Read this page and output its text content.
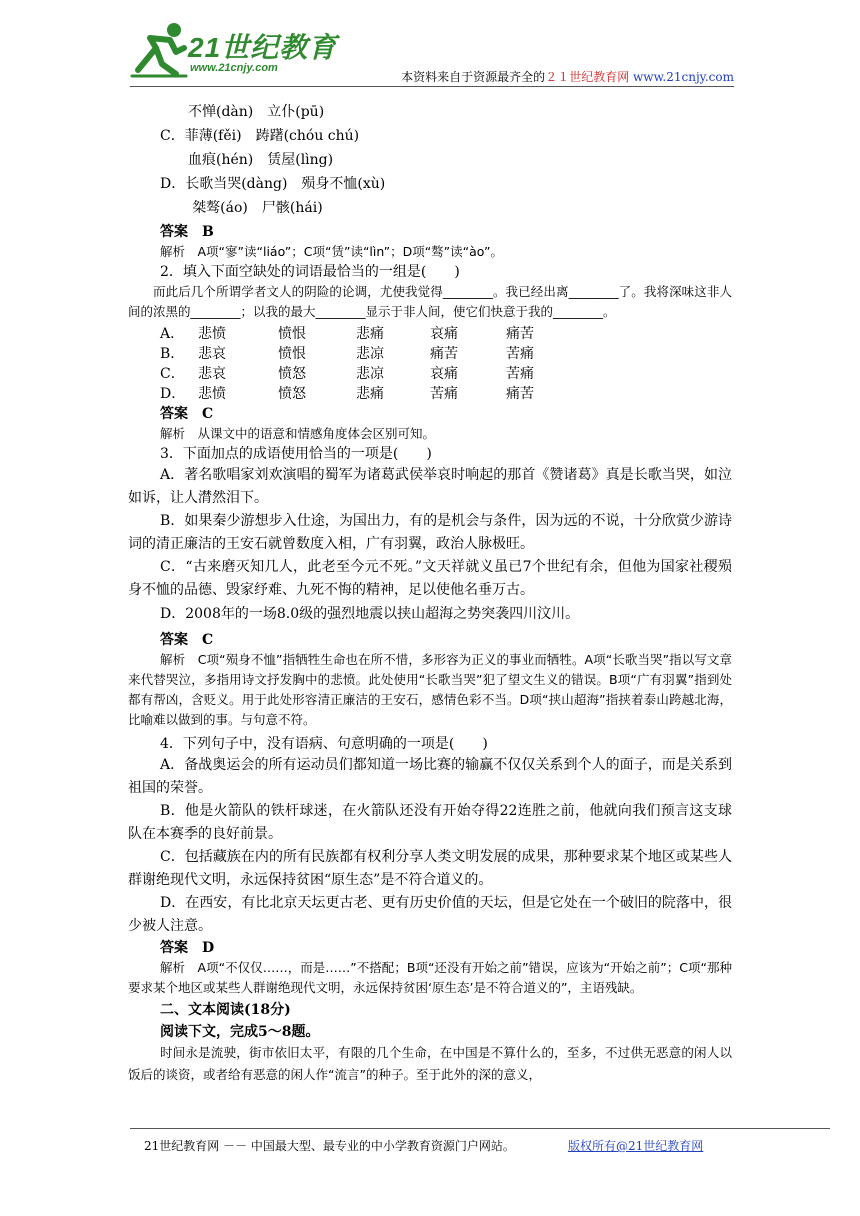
21世纪教育
www.21cnjy.com
本资料来自于资源最齐全的２１世纪教育网 www.21cnjy.com
不惮(dàn)　立仆(pū)
C．菲薄(fěi)　踌躇(chóu chú)
血痕(hén)　赁屋(lìng)
D．长歌当哭(dàng)　殒身不恤(xù)
桀骜(áo)　尸骸(hái)
答案　B
解析　A项“寥”读“liáo”；C项“赁”读“lìn”；D项“骜”读“ào”。
2．填入下面空缺处的词语最恰当的一组是(　　)
而此后几个所谓学者文人的阴险的论调，尤使我觉得________。我已经出离________了。我将深味这非人间的浓黑的________；以我的最大________显示于非人间，使它们快意于我的________。
A． 悲愤	愤恨	悲痛	哀痛	痛苦
B． 悲哀	愤恨	悲凉	痛苦	苦痛
C． 悲哀	愤怒	悲凉	哀痛	苦痛
D． 悲愤	愤怒	悲痛	苦痛	痛苦
答案　C
解析　从课文中的语意和情感角度体会区别可知。
3．下面加点的成语使用恰当的一项是(　　)
A．著名歌唱家刘欢演唱的蜀军为诸葛武侯举哀时响起的那首《赞诸葛》真是长歌当哭，如泣如诉，让人潸然泪下。
B．如果秦少游想步入仕途，为国出力，有的是机会与条件，因为远的不说，十分欣赏少游诗词的清正廉洁的王安石就曾数度入相，广有羽翼，政治人脉极旺。
C．“古来磨灭知几人，此老至今元不死。”文天祥就义虽已7个世纪有余，但他为国家社稷殒身不恤的品德、毁家纾难、九死不悔的精神，足以使他名垂万古。
D．2008年的一场8.0级的强烈地震以挟山超海之势突袭四川汶川。
答案　C
解析　C项“殒身不恤”指牺牲生命也在所不惜，多形容为正义的事业而牺牲。A项“长歌当哭”指以写文章来代替哭泣，多指用诗文抒发胸中的悲愤。此处使用“长歌当哭”犯了望文生义的错误。B项“广有羽翼”指到处都有帮凶，含贬义。用于此处形容清正廉洁的王安石，感情色彩不当。D项“挟山超海”指挟着泰山跨越北海，比喻难以做到的事。与句意不符。
4．下列句子中，没有语病、句意明确的一项是(　　)
A．备战奥运会的所有运动员们都知道一场比赛的输赢不仅仅关系到个人的面子，而是关系到祖国的荣誉。
B．他是火箭队的铁杆球迷，在火箭队还没有开始夺得22连胜之前，他就向我们预言这支球队在本赛季的良好前景。
C．包括藏族在内的所有民族都有权利分享人类文明发展的成果，那种要求某个地区或某些人群谢绝现代文明，永远保持贫困“原生态”是不符合道义的。
D．在西安，有比北京天坛更古老、更有历史价值的天坛，但是它处在一个破旧的院落中，很少被人注意。
答案　D
解析　A项“不仅仅……，而是……”不搭配；B项“还没有开始之前”错误，应该为“开始之前”；C项“那种要求某个地区或某些人群谢绝现代文明，永远保持贫困‘原生态’是不符合道义的”，主语残缺。
二、文本阅读(18分)
阅读下文，完成5～8题。
时间永是流驶，街市依旧太平，有限的几个生命，在中国是不算什么的，至多，不过供无恶意的闲人以饭后的谈资，或者给有恶意的闲人作“流言”的种子。至于此外的深的意义，
21世纪教育网 －－ 中国最大型、最专业的中小学教育资源门户网站。	版权所有@21世纪教育网
